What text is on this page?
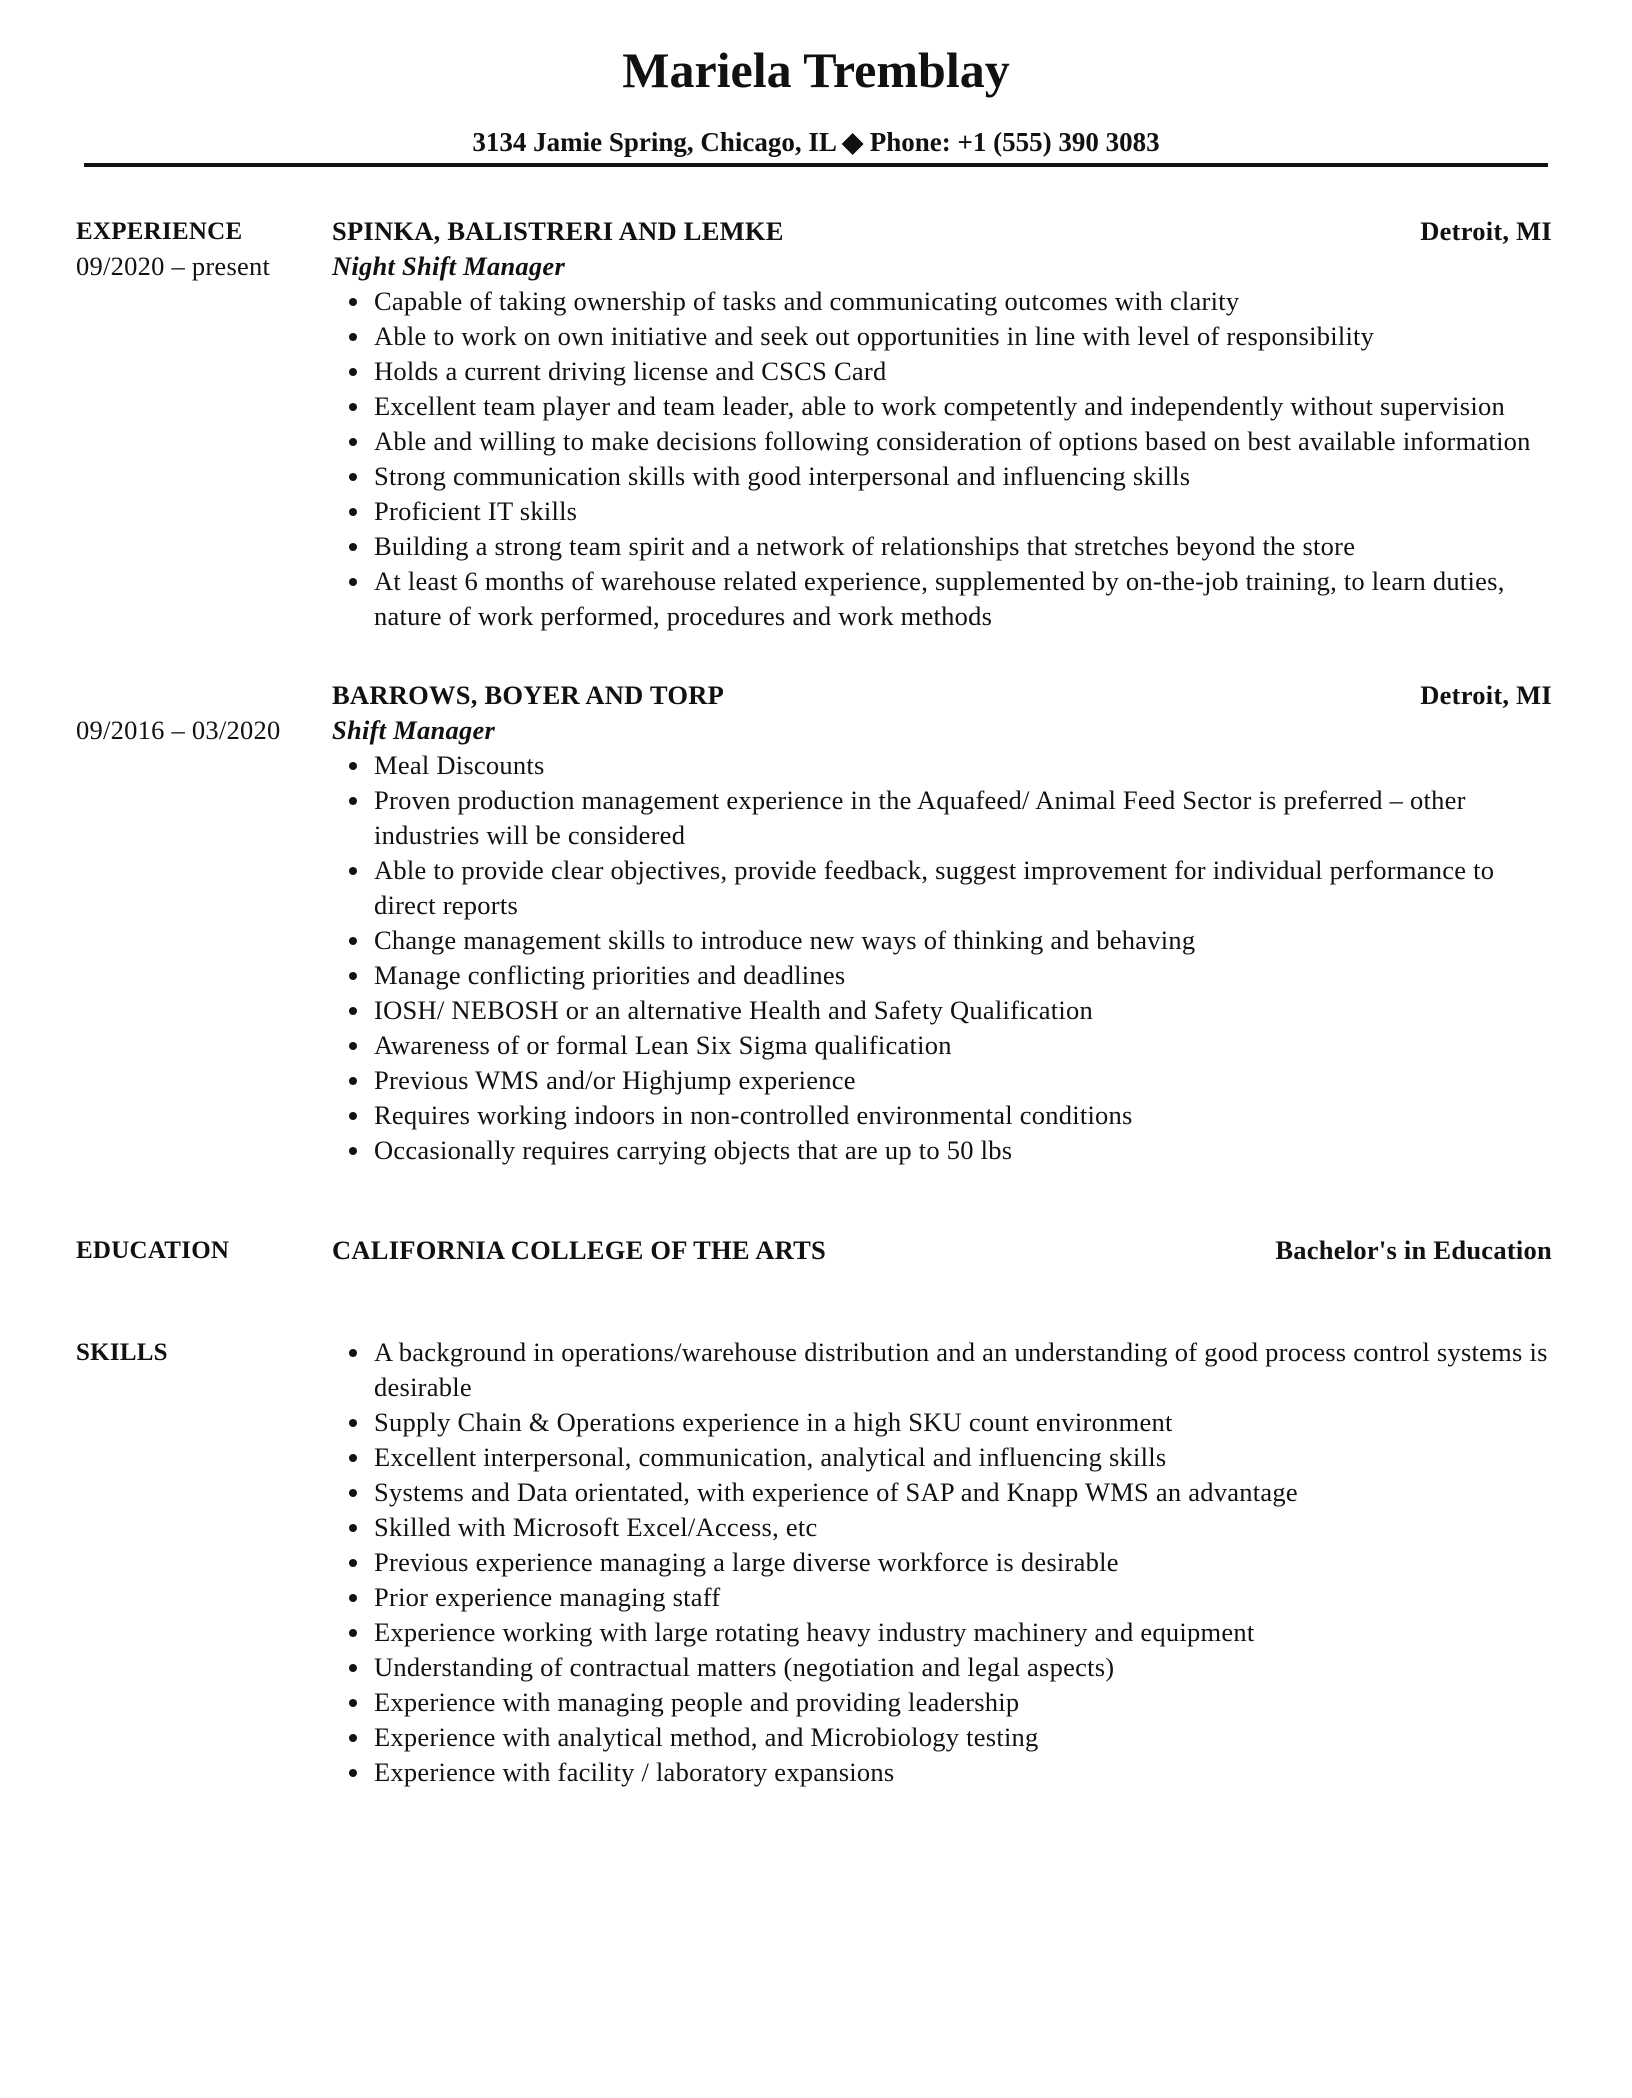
Mariela Tremblay
3134 Jamie Spring, Chicago, IL ◆ Phone: +1 (555) 390 3083
EXPERIENCE
09/2020 – present
SPINKA, BALISTRERI AND LEMKE	Detroit, MI
Night Shift Manager
• Capable of taking ownership of tasks and communicating outcomes with clarity
• Able to work on own initiative and seek out opportunities in line with level of responsibility
• Holds a current driving license and CSCS Card
• Excellent team player and team leader, able to work competently and independently without supervision
• Able and willing to make decisions following consideration of options based on best available information
• Strong communication skills with good interpersonal and influencing skills
• Proficient IT skills
• Building a strong team spirit and a network of relationships that stretches beyond the store
• At least 6 months of warehouse related experience, supplemented by on-the-job training, to learn duties, nature of work performed, procedures and work methods

09/2016 – 03/2020
BARROWS, BOYER AND TORP	Detroit, MI
Shift Manager
• Meal Discounts
• Proven production management experience in the Aquafeed/ Animal Feed Sector is preferred – other industries will be considered
• Able to provide clear objectives, provide feedback, suggest improvement for individual performance to direct reports
• Change management skills to introduce new ways of thinking and behaving
• Manage conflicting priorities and deadlines
• IOSH/ NEBOSH or an alternative Health and Safety Qualification
• Awareness of or formal Lean Six Sigma qualification
• Previous WMS and/or Highjump experience
• Requires working indoors in non-controlled environmental conditions
• Occasionally requires carrying objects that are up to 50 lbs
EDUCATION	CALIFORNIA COLLEGE OF THE ARTS	Bachelor's in Education
SKILLS	• A background in operations/warehouse distribution and an understanding of good process control systems is desirable
• Supply Chain & Operations experience in a high SKU count environment
• Excellent interpersonal, communication, analytical and influencing skills
• Systems and Data orientated, with experience of SAP and Knapp WMS an advantage
• Skilled with Microsoft Excel/Access, etc
• Previous experience managing a large diverse workforce is desirable
• Prior experience managing staff
• Experience working with large rotating heavy industry machinery and equipment
• Understanding of contractual matters (negotiation and legal aspects)
• Experience with managing people and providing leadership
• Experience with analytical method, and Microbiology testing
• Experience with facility / laboratory expansions
